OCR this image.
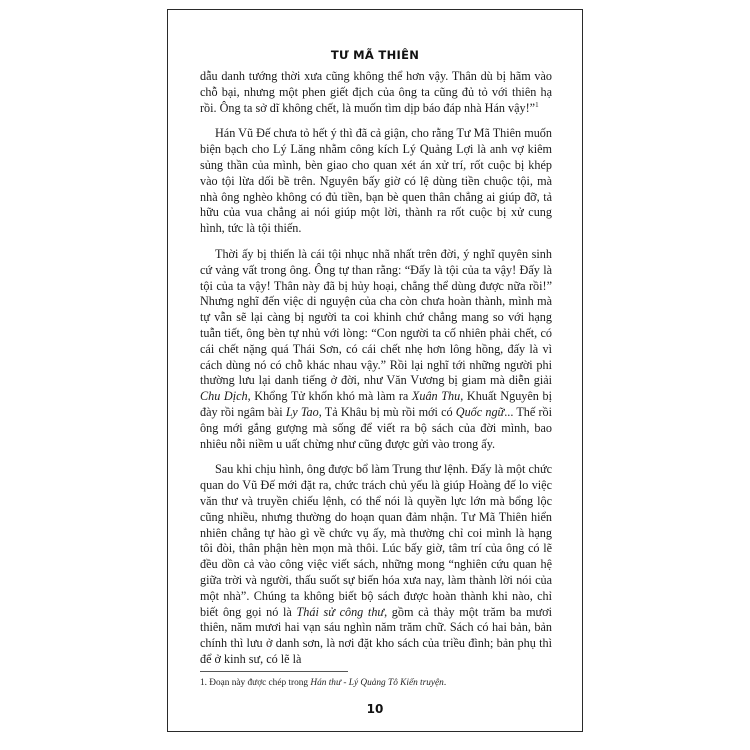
TƯ MÃ THIÊN

dẫu danh tướng thời xưa cũng không thể hơn vậy. Thân dù bị hãm vào chỗ bại, nhưng một phen giết địch của ông ta cũng đủ tỏ với thiên hạ rồi. Ông ta sở dĩ không chết, là muốn tìm dịp báo đáp nhà Hán vậy!”$^1$

Hán Vũ Đế chưa tỏ hết ý thì đã cả giận, cho rằng Tư Mã Thiên muốn biện bạch cho Lý Lăng nhằm công kích Lý Quảng Lợi là anh vợ kiêm sủng thần của mình, bèn giao cho quan xét án xử trí, rốt cuộc bị khép vào tội lừa dối bề trên. Nguyên bấy giờ có lệ dùng tiền chuộc tội, mà nhà ông nghèo không có đủ tiền, bạn bè quen thân chẳng ai giúp đỡ, tả hữu của vua chẳng ai nói giúp một lời, thành ra rốt cuộc bị xử cung hình, tức là tội thiến.

Thời ấy bị thiến là cái tội nhục nhã nhất trên đời, ý nghĩ quyên sinh cứ vảng vất trong ông. Ông tự than rằng: “Đấy là tội của ta vậy! Đấy là tội của ta vậy! Thân này đã bị hủy hoại, chẳng thể dùng được nữa rồi!” Nhưng nghĩ đến việc di nguyện của cha còn chưa hoàn thành, mình mà tự vẫn sẽ lại càng bị người ta coi khinh chứ chẳng mang so với hạng tuẫn tiết, ông bèn tự nhủ với lòng: “Con người ta cố nhiên phải chết, có cái chết nặng quá Thái Sơn, có cái chết nhẹ hơn lông hồng, đấy là vì cách dùng nó có chỗ khác nhau vậy.” Rồi lại nghĩ tới những người phi thường lưu lại danh tiếng ở đời, như Văn Vương bị giam mà diễn giải Chu Dịch, Khổng Tử khốn khó mà làm ra Xuân Thu, Khuất Nguyên bị đày rồi ngâm bài Ly Tao, Tả Khâu bị mù rồi mới có Quốc ngữ... Thế rồi ông mới gắng gượng mà sống để viết ra bộ sách của đời mình, bao nhiêu nỗi niềm u uất chừng như cũng được gửi vào trong ấy.

Sau khi chịu hình, ông được bổ làm Trung thư lệnh. Đấy là một chức quan do Vũ Đế mới đặt ra, chức trách chủ yếu là giúp Hoàng đế lo việc văn thư và truyền chiếu lệnh, có thể nói là quyền lực lớn mà bổng lộc cũng nhiều, nhưng thường do hoạn quan đảm nhận. Tư Mã Thiên hiển nhiên chẳng tự hào gì về chức vụ ấy, mà thường chỉ coi mình là hạng tôi đòi, thân phận hèn mọn mà thôi. Lúc bấy giờ, tâm trí của ông có lẽ đều dồn cả vào công việc viết sách, những mong “nghiên cứu quan hệ giữa trời và người, thấu suốt sự biến hóa xưa nay, làm thành lời nói của một nhà”. Chúng ta không biết bộ sách được hoàn thành khi nào, chỉ biết ông gọi nó là Thái sử công thư, gồm cả thảy một trăm ba mươi thiên, năm mươi hai vạn sáu nghìn năm trăm chữ. Sách có hai bản, bản chính thì lưu ở danh sơn, là nơi đặt kho sách của triều đình; bản phụ thì để ở kinh sư, có lẽ là

1. Đoạn này được chép trong Hán thư - Lý Quảng Tô Kiến truyện.
10
